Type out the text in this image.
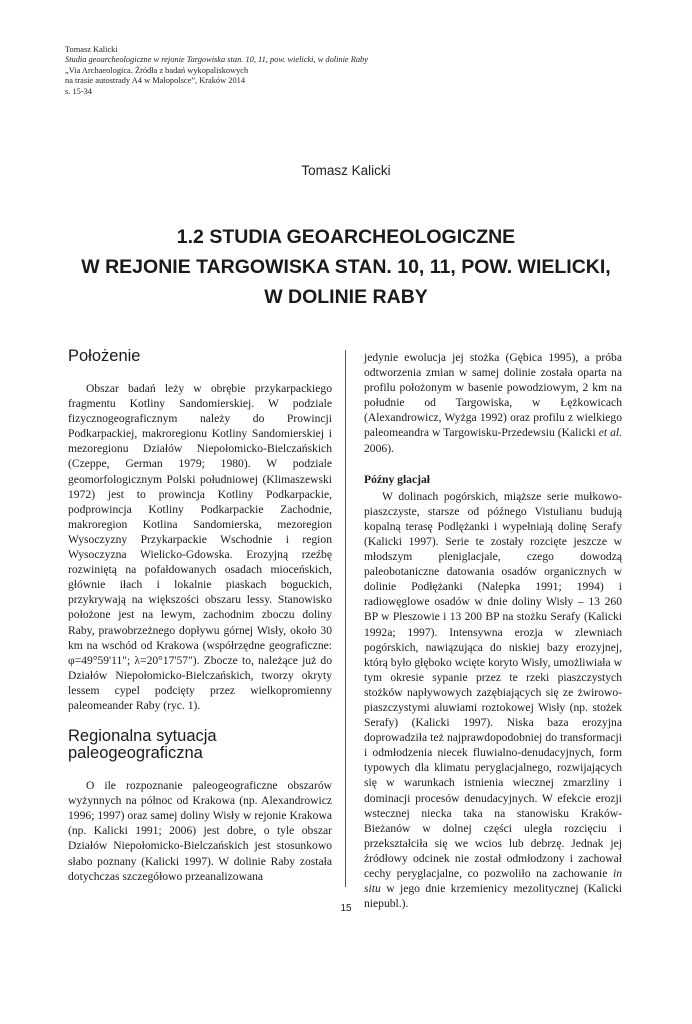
Tomasz Kalicki
Studia geoarcheologiczne w rejonie Targowiska stan. 10, 11, pow. wielicki, w dolinie Raby
„Via Archaeologica. Źródła z badań wykopaliskowych
na trasie autostrady A4 w Małopolsce”, Kraków 2014
s. 15-34
Tomasz Kalicki
1.2 STUDIA GEOARCHEOLOGICZNE
W REJONIE TARGOWISKA STAN. 10, 11, POW. WIELICKI,
W DOLINIE RABY
Położenie

Obszar badań leży w obrębie przykarpackiego fragmentu Kotliny Sandomierskiej. W podziale fizycznogeograficznym należy do Prowincji Podkarpackiej, makroregionu Kotliny Sandomierskiej i mezoregionu Działów Niepołomicko-Bielczańskich (Czeppe, German 1979; 1980). W podziale geomorfologicznym Polski południowej (Klimaszewski 1972) jest to prowincja Kotliny Podkarpackie, podprowincja Kotliny Podkarpackie Zachodnie, makroregion Kotlina Sandomierska, mezoregion Wysoczyzny Przykarpackie Wschodnie i region Wysoczyzna Wielicko-Gdowska. Erozyjną rzeźbę rozwiniętą na pofałdowanych osadach mioceńskich, głównie iłach i lokalnie piaskach boguckich, przykrywają na większości obszaru lessy. Stanowisko położone jest na lewym, zachodnim zboczu doliny Raby, prawobrzeżnego dopływu górnej Wisły, około 30 km na wschód od Krakowa (współrzędne geograficzne: φ=49°59'11"; λ=20°17'57"). Zbocze to, należące już do Działów Niepołomicko-Bielczańskich, tworzy okryty lessem cypel podcięty przez wielkopromienny paleomeander Raby (ryc. 1).

Regionalna sytuacja
paleogeograficzna

O ile rozpoznanie paleogeograficzne obszarów wyżynnych na północ od Krakowa (np. Alexandrowicz 1996; 1997) oraz samej doliny Wisły w rejonie Krakowa (np. Kalicki 1991; 2006) jest dobre, o tyle obszar Działów Niepołomicko-Bielczańskich jest stosunkowo słabo poznany (Kalicki 1997). W dolinie Raby została dotychczas szczegółowo przeanalizowana

jedynie ewolucja jej stożka (Gębica 1995), a próba odtworzenia zmian w samej dolinie została oparta na profilu położonym w basenie powodziowym, 2 km na południe od Targowiska, w Łężkowicach (Alexandrowicz, Wyżga 1992) oraz profilu z wielkiego paleomeandra w Targowisku-Przedewsiu (Kalicki et al. 2006).

Późny glacjał

W dolinach pogórskich, miąższe serie mułkowo-piaszczyste, starsze od późnego Vistulianu budują kopalną terasę Podlężanki i wypełniają dolinę Serafy (Kalicki 1997). Serie te zostały rozcięte jeszcze w młodszym pleniglacjale, czego dowodzą paleobotaniczne datowania osadów organicznych w dolinie Podłężanki (Nalepka 1991; 1994) i radiowęglowe osadów w dnie doliny Wisły – 13 260 BP w Pleszowie i 13 200 BP na stożku Serafy (Kalicki 1992a; 1997). Intensywna erozja w zlewniach pogórskich, nawiązująca do niskiej bazy erozyjnej, którą było głęboko wcięte koryto Wisły, umożliwiała w tym okresie sypanie przez te rzeki piaszczystych stożków napływowych zazębiających się ze żwirowo-piaszczystymi aluwiami roztokowej Wisły (np. stożek Serafy) (Kalicki 1997). Niska baza erozyjna doprowadziła też najprawdopodobniej do transformacji i odmłodzenia niecek fluwialno-denudacyjnych, form typowych dla klimatu peryglacjalnego, rozwijających się w warunkach istnienia wiecznej zmarzliny i dominacji procesów denudacyjnych. W efekcie erozji wstecznej niecka taka na stanowisku Kraków-Bieżanów w dolnej części uległa rozcięciu i przekształciła się we wcios lub debrzę. Jednak jej źródłowy odcinek nie został odmłodzony i zachował cechy peryglacjalne, co pozwoliło na zachowanie in situ w jego dnie krzemienicy mezolitycznej (Kalicki niepubl.).

15
